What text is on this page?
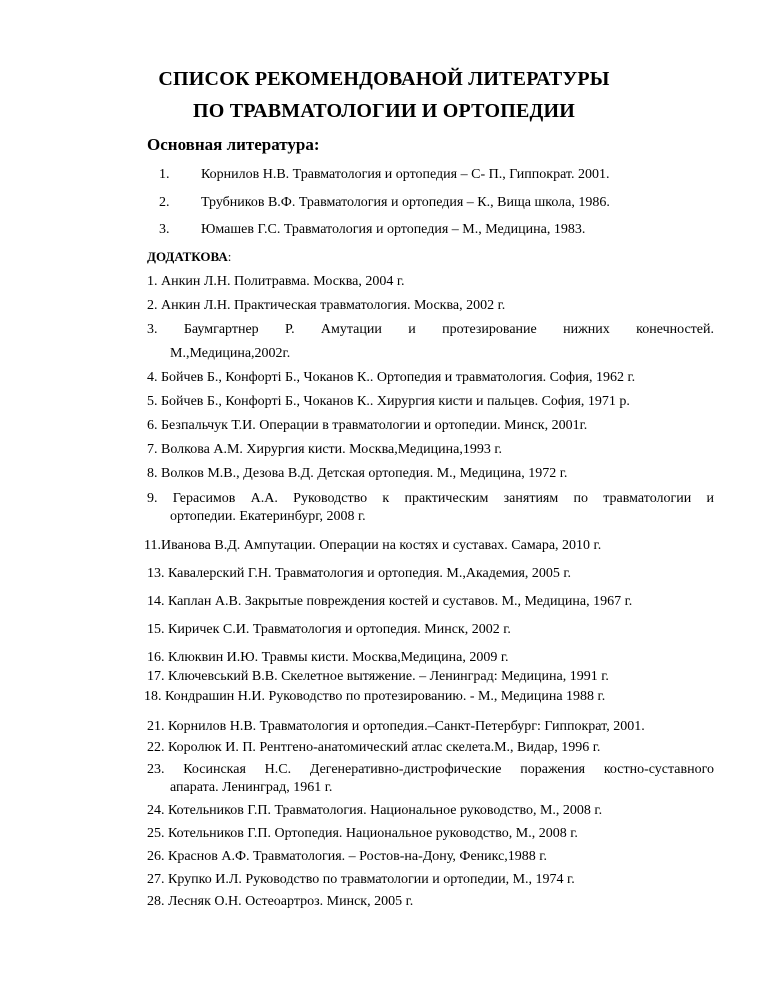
СПИСОК РЕКОМЕНДОВАНОЙ ЛИТЕРАТУРЫ
ПО ТРАВМАТОЛОГИИ И ОРТОПЕДИИ
Основная литература:
1. Корнилов Н.В. Травматология и ортопедия – С- П., Гиппократ. 2001.
2. Трубников В.Ф. Травматология и ортопедия – К., Вища школа, 1986.
3. Юмашев Г.С. Травматология и ортопедия – М., Медицина, 1983.
ДОДАТКОВА:
1. Анкин Л.Н. Политравма. Москва, 2004 г.
2. Анкин Л.Н. Практическая травматология. Москва, 2002 г.
3. Баумгартнер Р. Амутации и протезирование нижних конечностей.
М.,Медицина,2002г.
4. Бойчев Б., Конфорті Б., Чоканов К.. Ортопедия и травматология. София, 1962 г.
5. Бойчев Б., Конфорті Б., Чоканов К.. Хирургия кисти и пальцев. София, 1971 р.
6. Безпальчук Т.И. Операции в травматологии и ортопедии. Минск, 2001г.
7. Волкова А.М. Хирургия кисти. Москва,Медицина,1993 г.
8. Волков М.В., Дезова В.Д. Детская ортопедия. М., Медицина, 1972 г.
9. Герасимов А.А. Руководство к практическим занятиям по травматологии и
ортопедии. Екатеринбург, 2008 г.
11.Иванова В.Д. Ампутации. Операции на костях и суставах. Самара, 2010 г.
13. Кавалерский Г.Н. Травматология и ортопедия. М.,Академия, 2005 г.
14. Каплан А.В. Закрытые повреждения костей и суставов. М., Медицина, 1967 г.
15. Киричек С.И. Травматология и ортопедия. Минск, 2002 г.
16. Клюквин И.Ю. Травмы кисти. Москва,Медицина, 2009 г.
17. Ключевський В.В. Скелетное вытяжение. – Ленинград: Медицина, 1991 г.
18. Кондрашин Н.И. Руководство по протезированию. - М., Медицина 1988 г.
21. Корнилов Н.В. Травматология и ортопедия.–Санкт-Петербург: Гиппократ, 2001.
22. Королюк И. П. Рентгено-анатомический атлас скелета.М., Видар, 1996 г.
23. Косинская Н.С. Дегенеративно-дистрофические поражения костно-суставного
апарата. Ленинград, 1961 г.
24. Котельников Г.П. Травматология. Национальное руководство, М., 2008 г.
25. Котельников Г.П. Ортопедия. Национальное руководство, М., 2008 г.
26. Краснов А.Ф. Травматология. – Ростов-на-Дону, Феникс,1988 г.
27. Крупко И.Л. Руководство по травматологии и ортопедии, М., 1974 г.
28. Лесняк О.Н. Остеоартроз. Минск, 2005 г.
